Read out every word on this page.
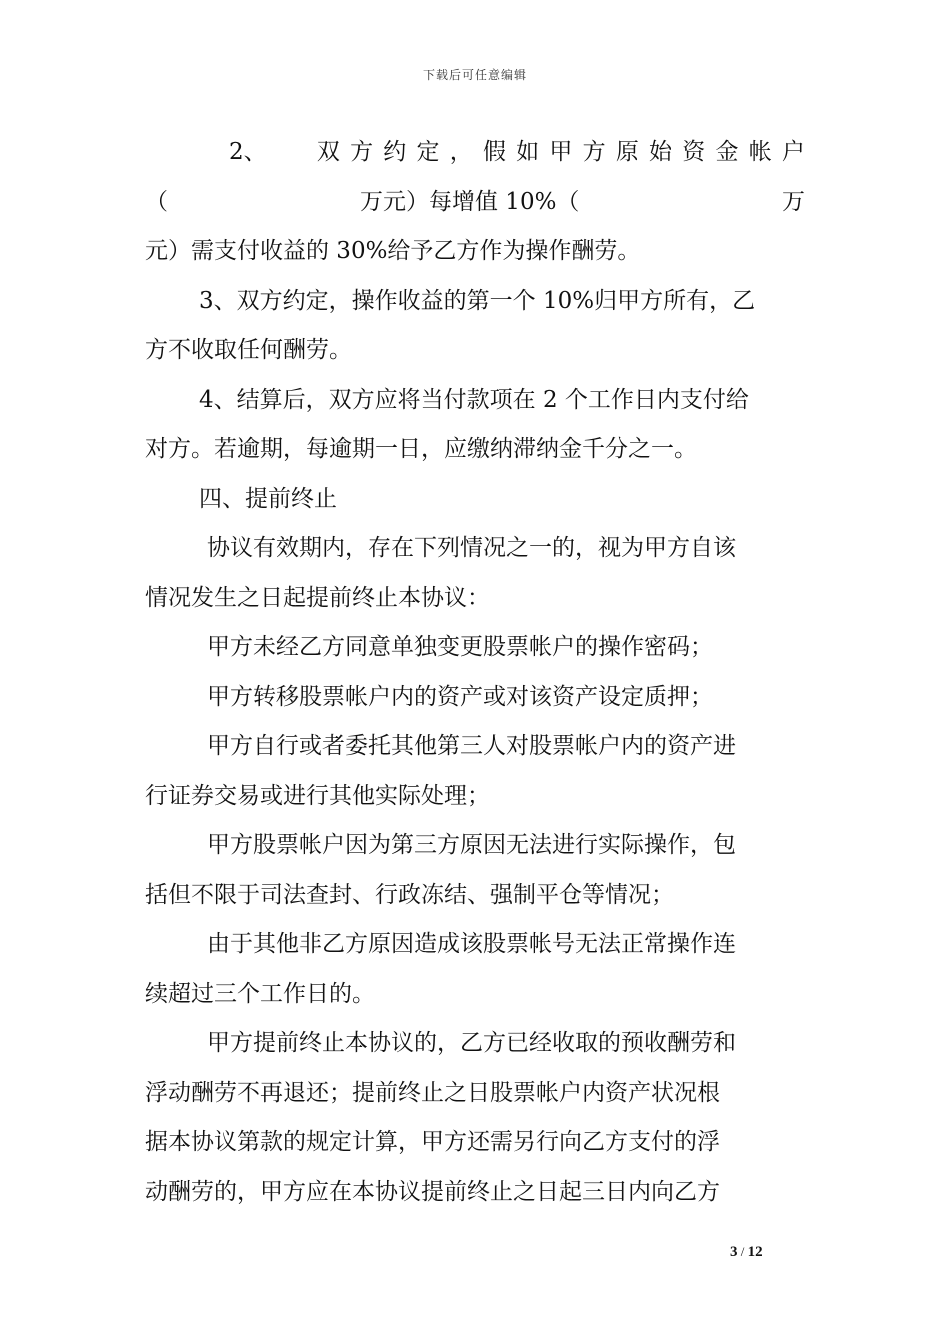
下载后可任意编辑
2、 双 方 约 定 ， 假 如 甲 方 原 始 资 金 帐 户
（	万元）每增值 10%（	万
元）需支付收益的 30%给予乙方作为操作酬劳。
3、双方约定，操作收益的第一个 10%归甲方所有，乙
方不收取任何酬劳。
4、结算后，双方应将当付款项在 2 个工作日内支付给
对方。若逾期，每逾期一日，应缴纳滞纳金千分之一。
四、提前终止
协议有效期内，存在下列情况之一的，视为甲方自该
情况发生之日起提前终止本协议：
甲方未经乙方同意单独变更股票帐户的操作密码；
甲方转移股票帐户内的资产或对该资产设定质押；
甲方自行或者委托其他第三人对股票帐户内的资产进
行证券交易或进行其他实际处理；
甲方股票帐户因为第三方原因无法进行实际操作，包
括但不限于司法查封、行政冻结、强制平仓等情况；
由于其他非乙方原因造成该股票帐号无法正常操作连
续超过三个工作日的。
甲方提前终止本协议的，乙方已经收取的预收酬劳和
浮动酬劳不再退还；提前终止之日股票帐户内资产状况根
据本协议第款的规定计算，甲方还需另行向乙方支付的浮
动酬劳的，甲方应在本协议提前终止之日起三日内向乙方
3 / 12
